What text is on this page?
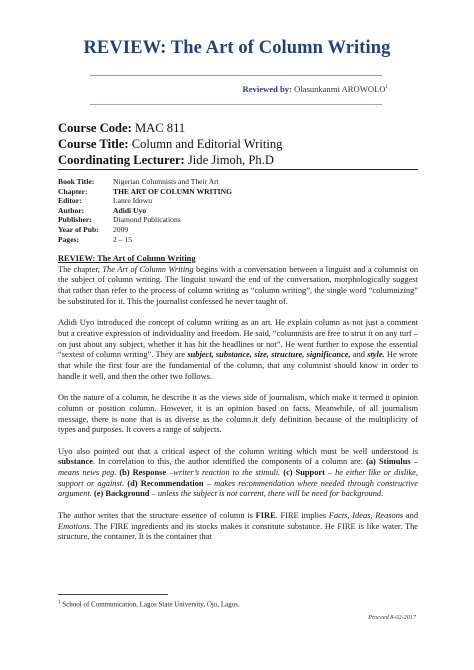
REVIEW: The Art of Column Writing
Reviewed by: Olasunkanmi AROWOLO$^1$
Course Code: MAC 811
Course Title: Column and Editorial Writing
Coordinating Lecturer: Jide Jimoh, Ph.D
Book Title:	Nigerian Columnists and Their Art
Chapter:	THE ART OF COLUMN WRITING
Editor:	Lanre Idowu
Author:	Adidi Uyo
Publisher:	Diamond Publications
Year of Pub:	2009
Pages:	2 – 15

REVIEW: The Art of Column Writing

The chapter, The Art of Column Writing begins with a conversation between a linguist and a columnist on the subject of column writing. The linguist toward the end of the conversation, morphologically suggest that rather than refer to the process of column writing as “column writing”, the single word “columnizing” be substituted for it. This the journalist confessed he never taught of.

Adidi Uyo introduced the concept of column writing as an art. He explain column as not just a comment but a creative expression of individuality and freedom. He said, “columnists are free to strut it on any turf – on just about any subject, whether it has hit the headlines or not”. He went further to expose the essential “sextest of column writing”. They are subject, substance, size, structure, significance, and style. He wrote that while the first four are the fundamental of the column, that any columnist should know in order to handle it well, and then the other two follows.

On the nature of a column, he describe it as the views side of journalism, which make it termed it opinion column or position column. However, it is an opinion based on facts. Meanwhile, of all journalism message, there is none that is as diverse as the column.it defy definition because of the multiplicity of types and purposes. It covers a range of subjects.

Uyo also pointed out that a critical aspect of the column writing which must be well understood is substance. In correlation to this, the author identified the components of a column are: (a) Stimulus –means news peg. (b) Response –writer’s reaction to the stimuli. (c) Support – he either like or dislike, support or against. (d) Recommendation – makes recommendation where needed through constructive argument. (e) Background – unless the subject is not current, there will be need for background.

The author writes that the structure essence of column is FIRE. FIRE implies Facts, Ideas, Reasons and Emotions. The FIRE ingredients and its stocks makes it constitute substance. He FIRE is like water. The structure, the container. It is the container that

$^1$ School of Communication, Lagos State University, Ojo, Lagos.
Proceed 8-02-2017
